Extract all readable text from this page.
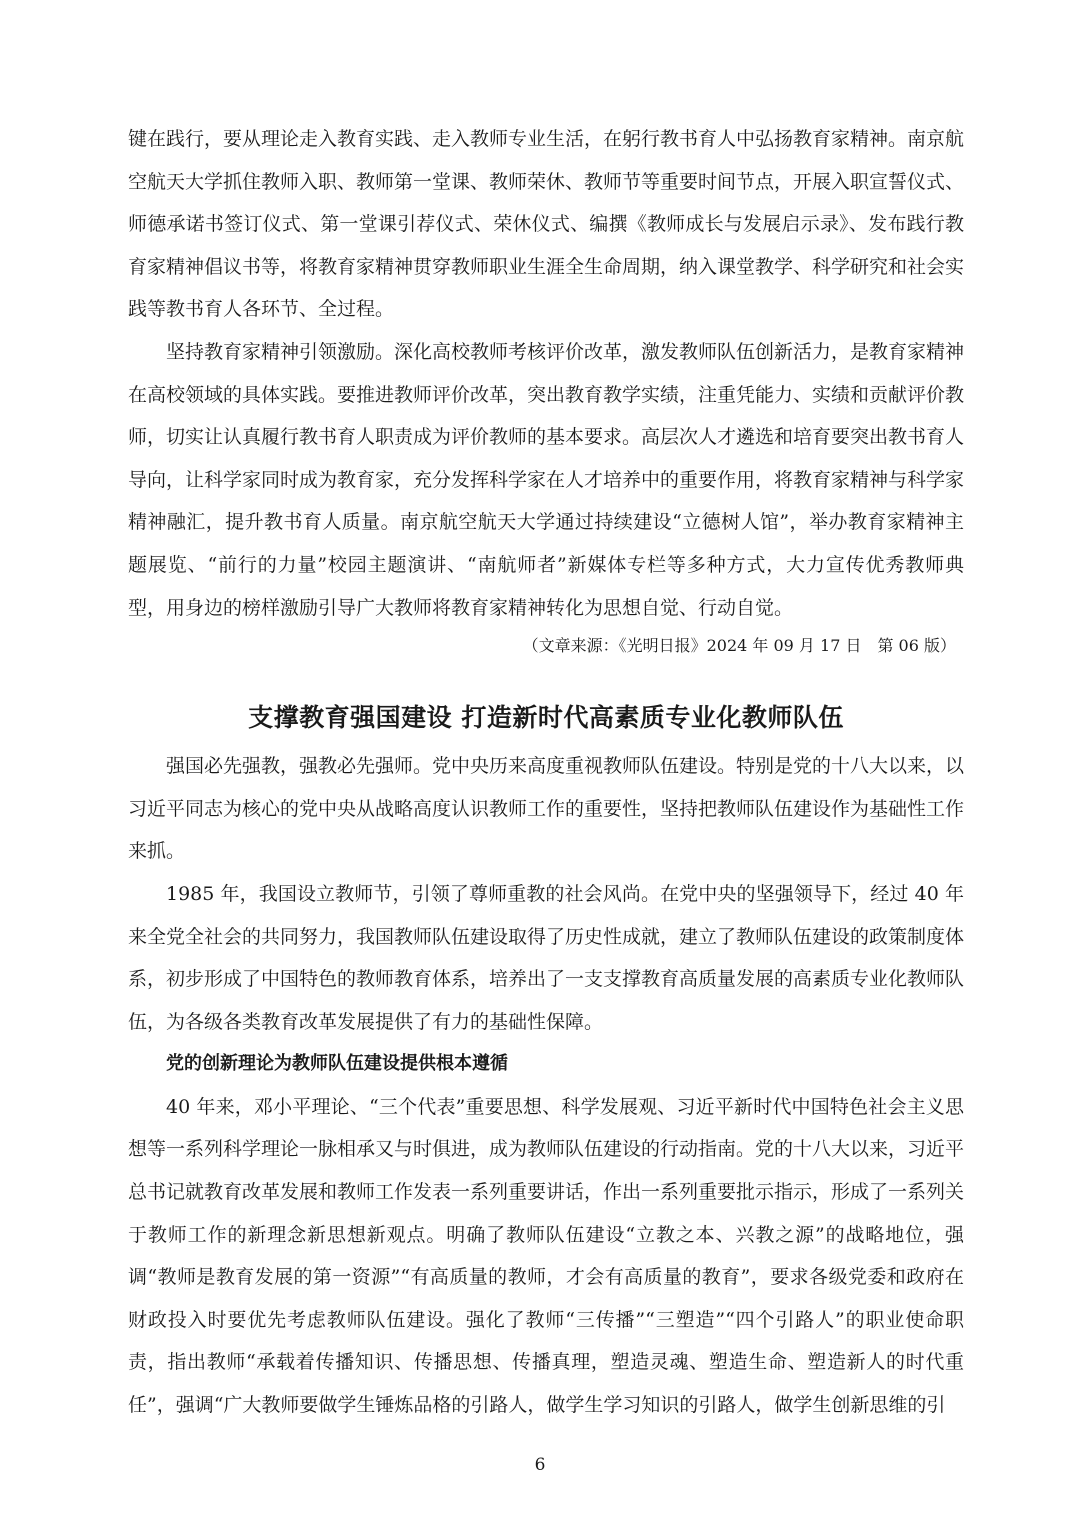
键在践行，要从理论走入教育实践、走入教师专业生活，在躬行教书育人中弘扬教育家精神。南京航空航天大学抓住教师入职、教师第一堂课、教师荣休、教师节等重要时间节点，开展入职宣誓仪式、师德承诺书签订仪式、第一堂课引荐仪式、荣休仪式、编撰《教师成长与发展启示录》、发布践行教育家精神倡议书等，将教育家精神贯穿教师职业生涯全生命周期，纳入课堂教学、科学研究和社会实践等教书育人各环节、全过程。

坚持教育家精神引领激励。深化高校教师考核评价改革，激发教师队伍创新活力，是教育家精神在高校领域的具体实践。要推进教师评价改革，突出教育教学实绩，注重凭能力、实绩和贡献评价教师，切实让认真履行教书育人职责成为评价教师的基本要求。高层次人才遴选和培育要突出教书育人导向，让科学家同时成为教育家，充分发挥科学家在人才培养中的重要作用，将教育家精神与科学家精神融汇，提升教书育人质量。南京航空航天大学通过持续建设“立德树人馆”，举办教育家精神主题展览、“前行的力量”校园主题演讲、“南航师者”新媒体专栏等多种方式，大力宣传优秀教师典型，用身边的榜样激励引导广大教师将教育家精神转化为思想自觉、行动自觉。

（文章来源：《光明日报》2024 年 09 月 17 日　第 06 版）
支撑教育强国建设 打造新时代高素质专业化教师队伍

强国必先强教，强教必先强师。党中央历来高度重视教师队伍建设。特别是党的十八大以来，以习近平同志为核心的党中央从战略高度认识教师工作的重要性，坚持把教师队伍建设作为基础性工作来抓。

1985 年，我国设立教师节，引领了尊师重教的社会风尚。在党中央的坚强领导下，经过 40 年来全党全社会的共同努力，我国教师队伍建设取得了历史性成就，建立了教师队伍建设的政策制度体系，初步形成了中国特色的教师教育体系，培养出了一支支撑教育高质量发展的高素质专业化教师队伍，为各级各类教育改革发展提供了有力的基础性保障。

党的创新理论为教师队伍建设提供根本遵循

40 年来，邓小平理论、“三个代表”重要思想、科学发展观、习近平新时代中国特色社会主义思想等一系列科学理论一脉相承又与时俱进，成为教师队伍建设的行动指南。党的十八大以来，习近平总书记就教育改革发展和教师工作发表一系列重要讲话，作出一系列重要批示指示，形成了一系列关于教师工作的新理念新思想新观点。明确了教师队伍建设“立教之本、兴教之源”的战略地位，强调“教师是教育发展的第一资源”“有高质量的教师，才会有高质量的教育”，要求各级党委和政府在财政投入时要优先考虑教师队伍建设。强化了教师“三传播”“三塑造”“四个引路人”的职业使命职责，指出教师“承载着传播知识、传播思想、传播真理，塑造灵魂、塑造生命、塑造新人的时代重任”，强调“广大教师要做学生锤炼品格的引路人，做学生学习知识的引路人，做学生创新思维的引

6
